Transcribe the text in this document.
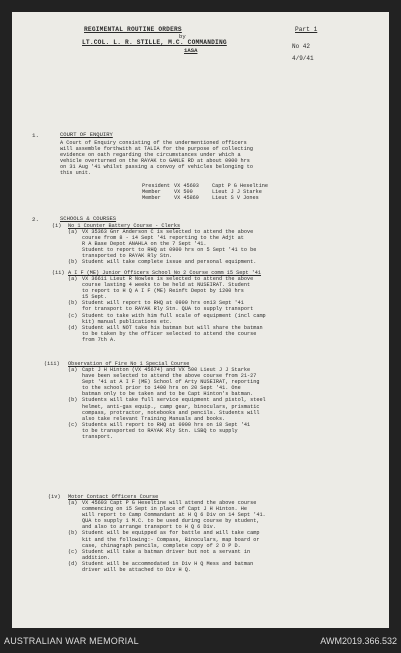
REGIMENTAL ROUTINE ORDERS
by
LT.COL. L. R. STILLE, M.C. COMMANDING
1ASA
Part 1
No 42
4/9/41
1.	COURT OF ENQUIRY
A Court of Enquiry consisting of the undermentioned officers
will assemble forthwith at TALIA for the purpose of collecting
evidence on oath regarding the circumstances under which a
vehicle overturned on the RAYAK to GANLE RD at about 0900 hrs
on 31 Aug '41 whilst passing a convoy of vehicles belonging to
this unit.
President VX 45603	Capt P G Heseltine
Member	VX 500	Lieut J J Starke
Member	VX 45869	Lieut S V Jones
2.	SCHOOLS & COURSES
(i) No 1 Counter Battery Course - Clerks
(a) VX 35363 Gnr Anderson C is selected to attend the above
course from 8 - 14 Sept '41 reporting to the Adjt at
R A Base Depot ANAHLA on the 7 Sept '41.
Student to report to RHQ at 0900 hrs on 5 Sept '41 to be
transported to RAYAK Rly Stn.
(b) Student will take complete issue and personal equipment.
(ii) A I F (ME) Junior Officers School No 2 Course comm 15 Sept '41
(a) VX 36611 Lieut R Nowles is selected to attend the above
course lasting 4 weeks to be held at NUSEIRAT. Student
to report to H Q A I F (ME) Reinft Depot by 1200 hrs
15 Sept.
(b) Student will report to RHQ at 0900 hrs on13 Sept '41
for transport to RAYAK Rly Stn. QUA to supply transport
(c) Student to take with him full scale of equipment (incl camp
kit) manual publications etc.
(d) Student will NOT take his batman but will share the batman
to be taken by the officer selected to attend the course
from 7th A.
(iii) Observation of Fire No 1 Special Course
(a) Capt J H Hinton (VX 45674) and VX 500 Lieut J J Starke
have been selected to attend the above course from 21-27
Sept '41 at A I F (ME) School of Arty NUSEIRAT, reporting
to the school prior to 1400 hrs on 20 Sept '41. One
batman only to be taken and to be Capt Hinton's batman.
(b) Students will take full service equipment and pistol, steel
helmet, anti-gas equip., camp gear, binoculars, prismatic
compass, protractor, notebooks and pencils. Students will
also take relevant Training Manuals and books.
(c) Students will report to RHQ at 0900 hrs on 18 Sept '41
to be transported to RAYAK Rly Stn. LSBQ to supply
transport.
(iv) Motor Contact Officers Course
(a) VX 45603 Capt P G Heseltine will attend the above course
commencing on 15 Sept in place of Capt J H Hinton. He
will report to Camp Commandant at H Q 6 Div on 14 Sept '41.
QUA to supply 1 M.C. to be used during course by student,
and also to arrange transport to H Q 6 Div.
(b) Student will be equipped as for battle and will take camp
kit and the following:- Compass, Binoculars, map board or
case, chinagraph pencils, complete copy of 2 D P D.
(c) Student will take a batman driver but not a servant in
addition.
(d) Student will be accommodated in Div H Q Mess and batman
driver will be attached to Div H Q.
AUSTRALIAN WAR MEMORIAL	AWM2019.366.532
